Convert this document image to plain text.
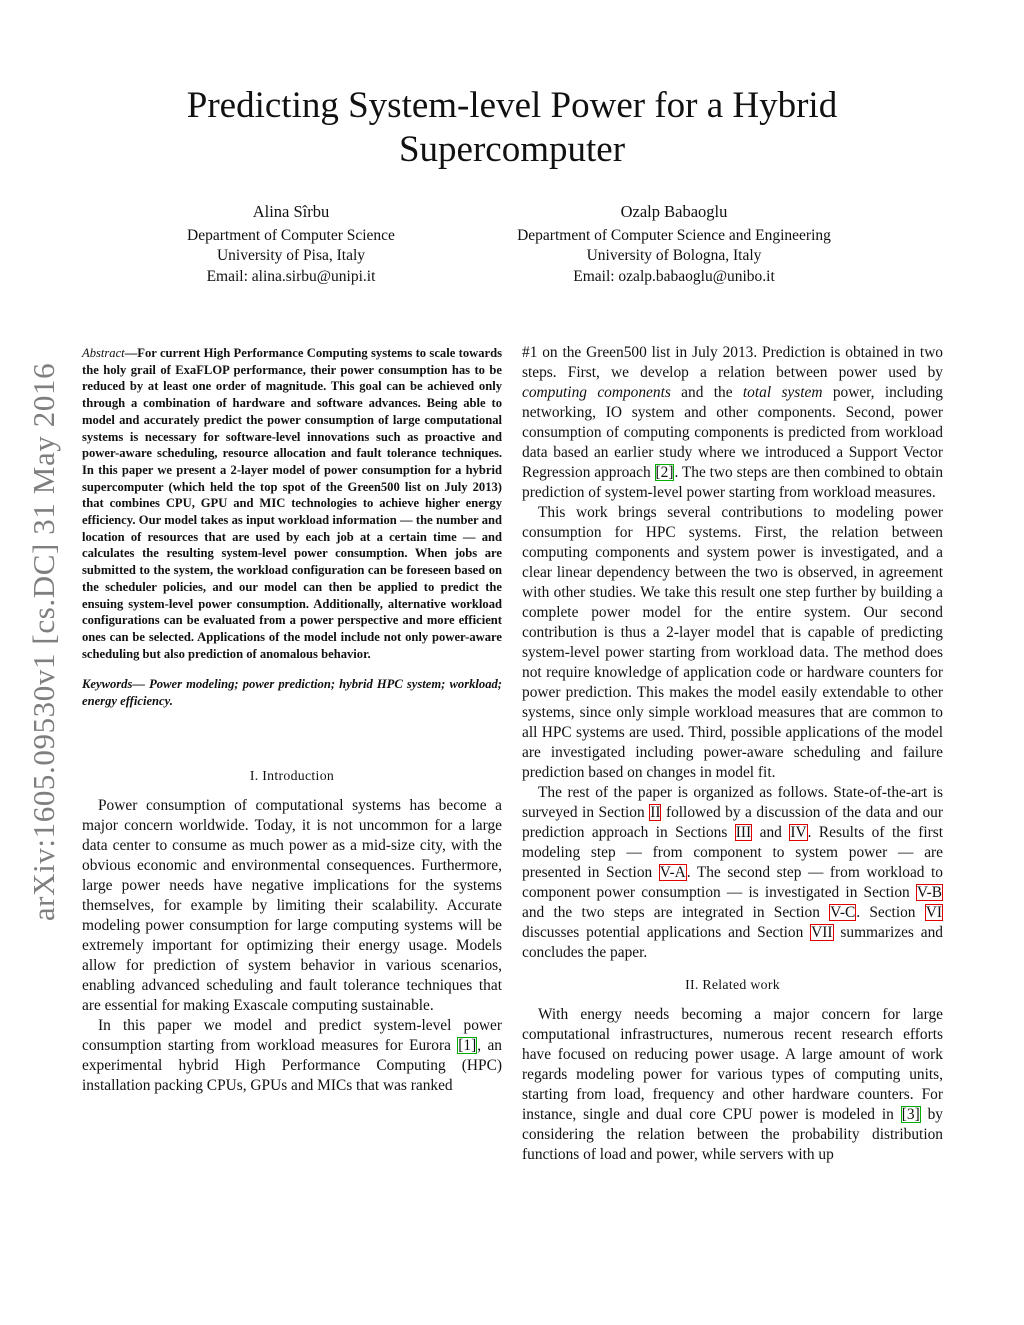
Predicting System-level Power for a Hybrid
Supercomputer
Alina Sîrbu
Department of Computer Science
University of Pisa, Italy
Email: alina.sirbu@unipi.it
Ozalp Babaoglu
Department of Computer Science and Engineering
University of Bologna, Italy
Email: ozalp.babaoglu@unibo.it
arXiv:1605.09530v1 [cs.DC] 31 May 2016
Abstract—For current High Performance Computing systems to scale towards the holy grail of ExaFLOP performance, their power consumption has to be reduced by at least one order of magnitude. This goal can be achieved only through a combination of hardware and software advances. Being able to model and accurately predict the power consumption of large computational systems is necessary for software-level innovations such as proactive and power-aware scheduling, resource allocation and fault tolerance techniques. In this paper we present a 2-layer model of power consumption for a hybrid supercomputer (which held the top spot of the Green500 list on July 2013) that combines CPU, GPU and MIC technologies to achieve higher energy efficiency. Our model takes as input workload information — the number and location of resources that are used by each job at a certain time — and calculates the resulting system-level power consumption. When jobs are submitted to the system, the workload configuration can be foreseen based on the scheduler policies, and our model can then be applied to predict the ensuing system-level power consumption. Additionally, alternative workload configurations can be evaluated from a power perspective and more efficient ones can be selected. Applications of the model include not only power-aware scheduling but also prediction of anomalous behavior.
Keywords— Power modeling; power prediction; hybrid HPC system; workload; energy efficiency.
I. Introduction

Power consumption of computational systems has become a major concern worldwide. Today, it is not uncommon for a large data center to consume as much power as a mid-size city, with the obvious economic and environmental consequences. Furthermore, large power needs have negative implications for the systems themselves, for example by limiting their scalability. Accurate modeling power consumption for large computing systems will be extremely important for optimizing their energy usage. Models allow for prediction of system behavior in various scenarios, enabling advanced scheduling and fault tolerance techniques that are essential for making Exascale computing sustainable.

In this paper we model and predict system-level power consumption starting from workload measures for Eurora [1], an experimental hybrid High Performance Computing (HPC) installation packing CPUs, GPUs and MICs that was ranked

#1 on the Green500 list in July 2013. Prediction is obtained in two steps. First, we develop a relation between power used by computing components and the total system power, including networking, IO system and other components. Second, power consumption of computing components is predicted from workload data based an earlier study where we introduced a Support Vector Regression approach [2]. The two steps are then combined to obtain prediction of system-level power starting from workload measures.

This work brings several contributions to modeling power consumption for HPC systems. First, the relation between computing components and system power is investigated, and a clear linear dependency between the two is observed, in agreement with other studies. We take this result one step further by building a complete power model for the entire system. Our second contribution is thus a 2-layer model that is capable of predicting system-level power starting from workload data. The method does not require knowledge of application code or hardware counters for power prediction. This makes the model easily extendable to other systems, since only simple workload measures that are common to all HPC systems are used. Third, possible applications of the model are investigated including power-aware scheduling and failure prediction based on changes in model fit.

The rest of the paper is organized as follows. State-of-the-art is surveyed in Section II followed by a discussion of the data and our prediction approach in Sections III and IV. Results of the first modeling step — from component to system power — are presented in Section V-A. The second step — from workload to component power consumption — is investigated in Section V-B and the two steps are integrated in Section V-C. Section VI discusses potential applications and Section VII summarizes and concludes the paper.

II. Related work

With energy needs becoming a major concern for large computational infrastructures, numerous recent research efforts have focused on reducing power usage. A large amount of work regards modeling power for various types of computing units, starting from load, frequency and other hardware counters. For instance, single and dual core CPU power is modeled in [3] by considering the relation between the probability distribution functions of load and power, while servers with up
